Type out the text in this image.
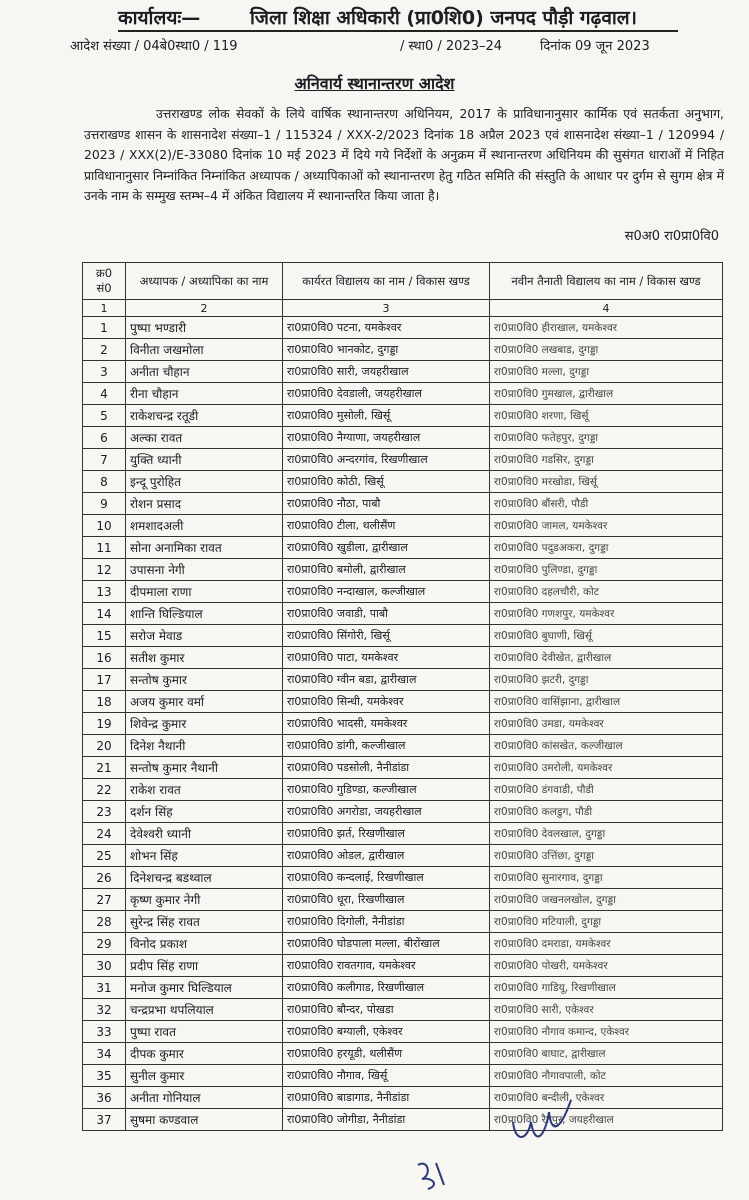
कार्यालयः—	जिला शिक्षा अधिकारी (प्रा0शि0) जनपद पौड़ी गढ़वाल।
आदेश संख्या / 04बे0स्था0 / 119	/ स्था0 / 2023–24	दिनांक 09 जून 2023
अनिवार्य स्थानान्तरण आदेश
उत्तराखण्ड लोक सेवकों के लिये वार्षिक स्थानान्तरण अधिनियम, 2017 के प्राविधानानुसार कार्मिक एवं सतर्कता अनुभाग, उत्तराखण्ड शासन के शासनादेश संख्या–1 / 115324 / XXX-2/2023 दिनांक 18 अप्रैल 2023 एवं शासनादेश संख्या–1 / 120994 / 2023 / XXX(2)/E-33080 दिनांक 10 मई 2023 में दिये गये निर्देशों के अनुक्रम में स्थानान्तरण अधिनियम की सुसंगत धाराओं में निहित प्राविधानानुसार निम्नांकित निम्नांकित अध्यापक / अध्यापिकाओं को स्थानान्तरण हेतु गठित समिति की संस्तुति के आधार पर दुर्गम से सुगम क्षेत्र में उनके नाम के सम्मुख स्तम्भ–4 में अंकित विद्यालय में स्थानान्तरित किया जाता है।
स0अ0 रा0प्रा0वि0
क्र0 सं0	अध्यापक / अध्यापिका का नाम	कार्यरत विद्यालय का नाम / विकास खण्ड	नवीन तैनाती विद्यालय का नाम / विकास खण्ड
1	2	3	4
1	पुष्पा भण्डारी	रा0प्रा0वि0 पटना, यमकेश्वर	रा0प्रा0वि0 हीराखाल, यमकेश्वर
2	विनीता जखमोला	रा0प्रा0वि0 भानकोट, दुगड्डा	रा0प्रा0वि0 लखबाड, दुगड्डा
3	अनीता चौहान	रा0प्रा0वि0 सारी, जयहरीखाल	रा0प्रा0वि0 मल्ला, दुगड्डा
4	रीना चौहान	रा0प्रा0वि0 देवडाली, जयहरीखाल	रा0प्रा0वि0 गुमखाल, द्वारीखाल
5	राकेशचन्द्र रतूडी	रा0प्रा0वि0 मुसोली, खिर्सू	रा0प्रा0वि0 शरणा, खिर्सू
6	अल्का रावत	रा0प्रा0वि0 नैग्याणा, जयहरीखाल	रा0प्रा0वि0 फतेहपुर, दुगड्डा
7	युक्ति ध्यानी	रा0प्रा0वि0 अन्दरगांव, रिखणीखाल	रा0प्रा0वि0 गडसिर, दुगड्डा
8	इन्दू पुरोहित	रा0प्रा0वि0 कोठी, खिर्सू	रा0प्रा0वि0 मरखोडा, खिर्सू
9	रोशन प्रसाद	रा0प्रा0वि0 नौठा, पाबौ	रा0प्रा0वि0 बौंसरी, पौडी
10	शमशादअली	रा0प्रा0वि0 टीला, थलीसैंण	रा0प्रा0वि0 जामल, यमकेश्वर
11	सोना अनामिका रावत	रा0प्रा0वि0 खुडीला, द्वारीखाल	रा0प्रा0वि0 पदुडअकरा, दुगड्डा
12	उपासना नेगी	रा0प्रा0वि0 बमोली, द्वारीखाल	रा0प्रा0वि0 पुलिण्डा, दुगड्डा
13	दीपमाला राणा	रा0प्रा0वि0 नन्दाखाल, कल्जीखाल	रा0प्रा0वि0 दहलचौरी, कोट
14	शान्ति घिल्डियाल	रा0प्रा0वि0 जवाडी, पाबौ	रा0प्रा0वि0 गणशपुर, यमकेश्वर
15	सरोज मेवाड	रा0प्रा0वि0 सिंगोरी, खिर्सू	रा0प्रा0वि0 बुघाणी, खिर्सू
16	सतीश कुमार	रा0प्रा0वि0 पाटा, यमकेश्वर	रा0प्रा0वि0 देवीखेत, द्वारीखाल
17	सन्तोष कुमार	रा0प्रा0वि0 ग्वीन बडा, द्वारीखाल	रा0प्रा0वि0 झटरी, दुगड्डा
18	अजय कुमार वर्मा	रा0प्रा0वि0 सिन्धी, यमकेश्वर	रा0प्रा0वि0 वासिंझाना, द्वारीखाल
19	शिवेन्द्र कुमार	रा0प्रा0वि0 भादसी, यमकेश्वर	रा0प्रा0वि0 उमडा, यमकेश्वर
20	दिनेश नैथानी	रा0प्रा0वि0 डांगी, कल्जीखाल	रा0प्रा0वि0 कांसखेत, कल्जीखाल
21	सन्तोष कुमार नैथानी	रा0प्रा0वि0 पडसोली, नैनीडांडा	रा0प्रा0वि0 उमरोली, यमकेश्वर
22	राकेश रावत	रा0प्रा0वि0 गुडिण्डा, कल्जीखाल	रा0प्रा0वि0 डंगवाडी, पौडी
23	दर्शन सिंह	रा0प्रा0वि0 अगरोडा, जयहरीखाल	रा0प्रा0वि0 कलडुग, पौडी
24	देवेश्वरी ध्यानी	रा0प्रा0वि0 झर्त, रिखणीखाल	रा0प्रा0वि0 देवलखाल, दुगड्डा
25	शोभन सिंह	रा0प्रा0वि0 ओडल, द्वारीखाल	रा0प्रा0वि0 उत्तिंछा, दुगड्डा
26	दिनेशचन्द्र बडथ्वाल	रा0प्रा0वि0 कन्दलाई, रिखणीखाल	रा0प्रा0वि0 सुनारगाव, दुगड्डा
27	कृष्ण कुमार नेगी	रा0प्रा0वि0 धूरा, रिखणीखाल	रा0प्रा0वि0 जखनलखोल, दुगड्डा
28	सुरेन्द्र सिंह रावत	रा0प्रा0वि0 दिगोली, नैनीडांडा	रा0प्रा0वि0 मटियाली, दुगड्डा
29	विनोद प्रकाश	रा0प्रा0वि0 घोडपाला मल्ला, बीरोंखाल	रा0प्रा0वि0 दमराडा, यमकेश्वर
30	प्रदीप सिंह राणा	रा0प्रा0वि0 रावतगाव, यमकेश्वर	रा0प्रा0वि0 पोखरी, यमकेश्वर
31	मनोज कुमार घिल्डियाल	रा0प्रा0वि0 कलीगाड, रिखणीखाल	रा0प्रा0वि0 गाडियू, रिखणीखाल
32	चन्द्रप्रभा थपलियाल	रा0प्रा0वि0 बौन्दर, पोखडा	रा0प्रा0वि0 सारी, एकेश्वर
33	पुष्पा रावत	रा0प्रा0वि0 बग्याली, एकेश्वर	रा0प्रा0वि0 नौगाव कमान्द, एकेश्वर
34	दीपक कुमार	रा0प्रा0वि0 हरयूडी, थलीसैंण	रा0प्रा0वि0 बाघाट, द्वारीखाल
35	सुनील कुमार	रा0प्रा0वि0 नौगाव, खिर्सू	रा0प्रा0वि0 नौगावपाली, कोट
36	अनीता गोनियाल	रा0प्रा0वि0 बाडागाड, नैनीडांडा	रा0प्रा0वि0 बन्दीली, एकेश्वर
37	सुषमा कण्डवाल	रा0प्रा0वि0 जोगीडा, नैनीडांडा	रा0प्रा0वि0 रैतपुर, जयहरीखाल
